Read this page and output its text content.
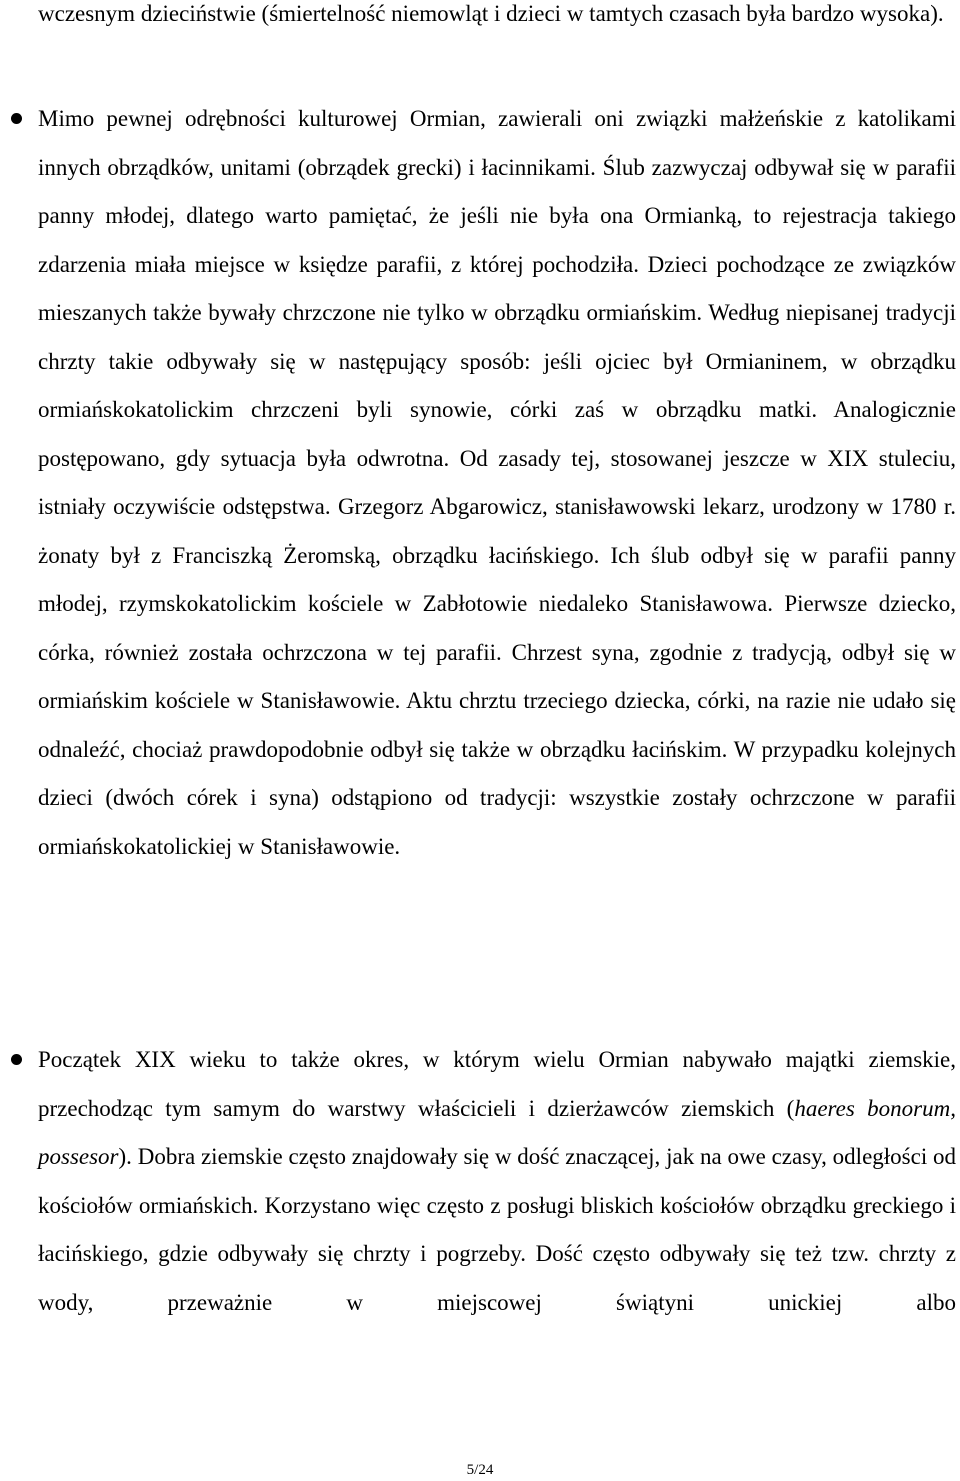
wczesnym dzieciństwie (śmiertelność niemowląt i dzieci w tamtych czasach była bardzo wysoka).

Mimo pewnej odrębności kulturowej Ormian, zawierali oni związki małżeńskie z katolikami innych obrządków, unitami (obrządek grecki) i łacinnikami. Ślub zazwyczaj odbywał się w parafii panny młodej, dlatego warto pamiętać, że jeśli nie była ona Ormianką, to rejestracja takiego zdarzenia miała miejsce w księdze parafii, z której pochodziła. Dzieci pochodzące ze związków mieszanych także bywały chrzczone nie tylko w obrządku ormiańskim. Według niepisanej tradycji chrzty takie odbywały się w następujący sposób: jeśli ojciec był Ormianinem, w obrządku ormiańskokatolickim chrzczeni byli synowie, córki zaś w obrządku matki. Analogicznie postępowano, gdy sytuacja była odwrotna. Od zasady tej, stosowanej jeszcze w XIX stuleciu, istniały oczywiście odstępstwa. Grzegorz Abgarowicz, stanisławowski lekarz, urodzony w 1780 r. żonaty był z Franciszką Żeromską, obrządku łacińskiego. Ich ślub odbył się w parafii panny młodej, rzymskokatolickim kościele w Zabłotowie niedaleko Stanisławowa. Pierwsze dziecko, córka, również została ochrzczona w tej parafii. Chrzest syna, zgodnie z tradycją, odbył się w ormiańskim kościele w Stanisławowie. Aktu chrztu trzeciego dziecka, córki, na razie nie udało się odnaleźć, chociaż prawdopodobnie odbył się także w obrządku łacińskim. W przypadku kolejnych dzieci (dwóch córek i syna) odstąpiono od tradycji: wszystkie zostały ochrzczone w parafii ormiańskokatolickiej w Stanisławowie.

Początek XIX wieku to także okres, w którym wielu Ormian nabywało majątki ziemskie, przechodząc tym samym do warstwy właścicieli i dzierżawców ziemskich (haeres bonorum, possesor). Dobra ziemskie często znajdowały się w dość znaczącej, jak na owe czasy, odległości od kościołów ormiańskich. Korzystano więc często z posługi bliskich kościołów obrządku greckiego i łacińskiego, gdzie odbywały się chrzty i pogrzeby. Dość często odbywały się też tzw. chrzty z wody, przeważnie w miejscowej świątyni unickiej albo

5/24
